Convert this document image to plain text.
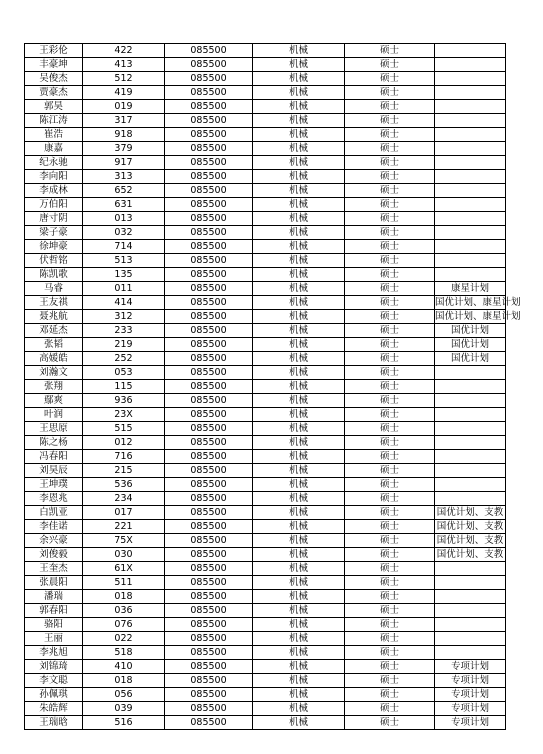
王彩伦	422	085500	机械	硕士	
丰豪坤	413	085500	机械	硕士	
吴俊杰	512	085500	机械	硕士	
贾豪杰	419	085500	机械	硕士	
郭昊	019	085500	机械	硕士	
陈江涛	317	085500	机械	硕士	
崔浩	918	085500	机械	硕士	
康嘉	379	085500	机械	硕士	
纪永驰	917	085500	机械	硕士	
李向阳	313	085500	机械	硕士	
李成林	652	085500	机械	硕士	
万伯阳	631	085500	机械	硕士	
唐寸阴	013	085500	机械	硕士	
梁子豪	032	085500	机械	硕士	
徐坤豪	714	085500	机械	硕士	
伏哲铭	513	085500	机械	硕士	
陈凯歌	135	085500	机械	硕士	
马睿	011	085500	机械	硕士	康星计划
王友祺	414	085500	机械	硕士	国优计划、康星计划
聂兆航	312	085500	机械	硕士	国优计划、康星计划
邓延杰	233	085500	机械	硕士	国优计划
张韬	219	085500	机械	硕士	国优计划
高媛皓	252	085500	机械	硕士	国优计划
刘瀚文	053	085500	机械	硕士	
张翔	115	085500	机械	硕士	
鄢爽	936	085500	机械	硕士	
叶润	23X	085500	机械	硕士	
王思原	515	085500	机械	硕士	
陈之杨	012	085500	机械	硕士	
冯春阳	716	085500	机械	硕士	
刘昊辰	215	085500	机械	硕士	
王坤璞	536	085500	机械	硕士	
李恩兆	234	085500	机械	硕士	
白凯亚	017	085500	机械	硕士	国优计划、支教
李佳诺	221	085500	机械	硕士	国优计划、支教
余兴豪	75X	085500	机械	硕士	国优计划、支教
刘俊毅	030	085500	机械	硕士	国优计划、支教
王奎杰	61X	085500	机械	硕士	
张晨阳	511	085500	机械	硕士	
潘瑞	018	085500	机械	硕士	
郭春阳	036	085500	机械	硕士	
骆阳	076	085500	机械	硕士	
王丽	022	085500	机械	硕士	
李兆旭	518	085500	机械	硕士	
刘锦琦	410	085500	机械	硕士	专项计划
李文聪	018	085500	机械	硕士	专项计划
孙佩琪	056	085500	机械	硕士	专项计划
朱皓辉	039	085500	机械	硕士	专项计划
王瑞晗	516	085500	机械	硕士	专项计划
